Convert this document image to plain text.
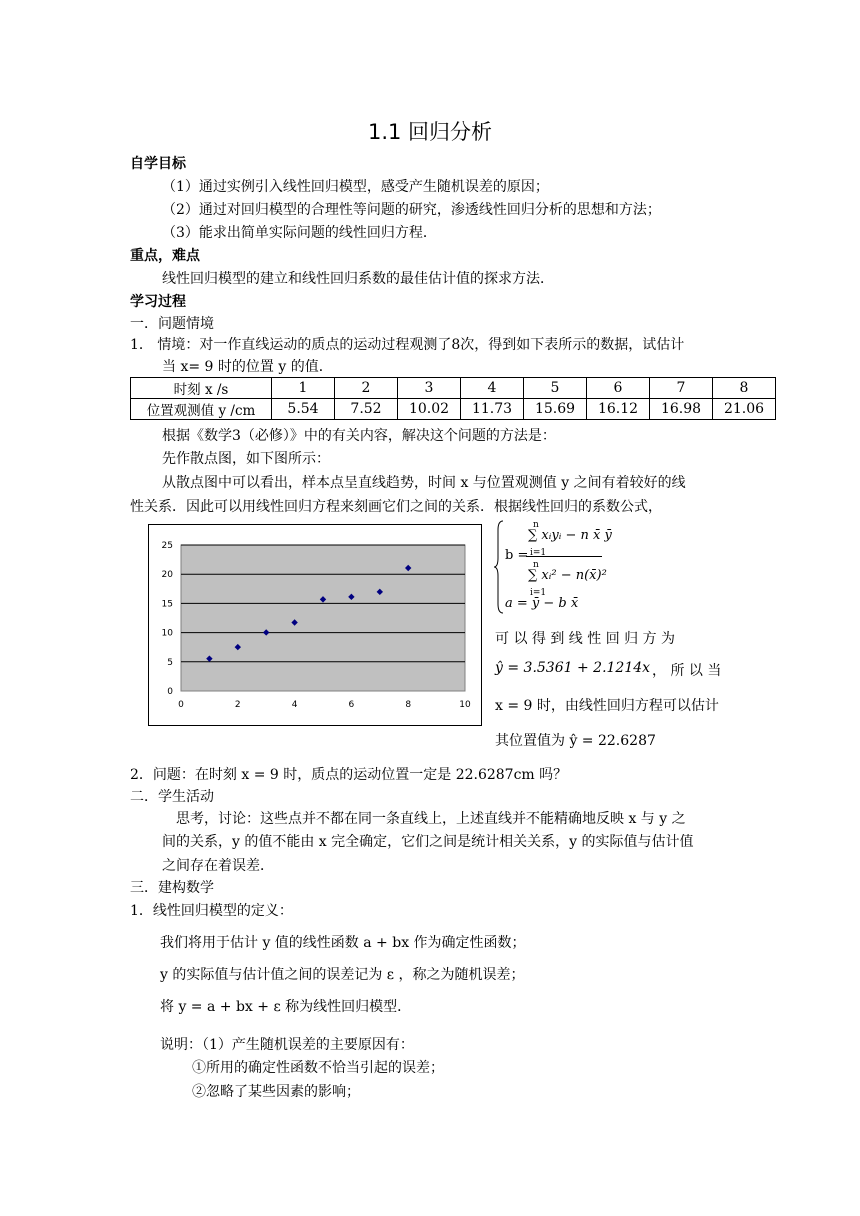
1.1 回归分析
自学目标
（1）通过实例引入线性回归模型，感受产生随机误差的原因；
（2）通过对回归模型的合理性等问题的研究，渗透线性回归分析的思想和方法；
（3）能求出简单实际问题的线性回归方程．
重点，难点
线性回归模型的建立和线性回归系数的最佳估计值的探求方法．
学习过程
一．问题情境
1． 情境：对一作直线运动的质点的运动过程观测了8次，得到如下表所示的数据，试估计
当 x= 9 时的位置 y 的值．
时刻 x /s	1	2	3	4	5	6	7	8
位置观测值 y /cm	5.54	7.52	10.02	11.73	15.69	16.12	16.98	21.06
根据《数学3（必修）》中的有关内容，解决这个问题的方法是：
先作散点图，如下图所示：
从散点图中可以看出，样本点呈直线趋势，时间 x 与位置观测值 y 之间有着较好的线
性关系．因此可以用线性回归方程来刻画它们之间的关系．根据线性回归的系数公式，
0
5
10
15
20
25
0	2	4	6	8	10
b =
n
i=1
∑ xᵢyᵢ − n x̄ ȳ
n
i=1
∑ xᵢ² − n(x̄)²
a = ȳ − b x̄
可 以 得 到 线 性 回 归 方 为
ŷ = 3.5361 + 2.1214x ， 所 以 当
x = 9 时，由线性回归方程可以估计
其位置值为 ŷ = 22.6287
2．问题：在时刻 x = 9 时，质点的运动位置一定是 22.6287cm 吗？
二．学生活动
思考，讨论：这些点并不都在同一条直线上，上述直线并不能精确地反映 x 与 y 之
间的关系，y 的值不能由 x 完全确定，它们之间是统计相关关系，y 的实际值与估计值
之间存在着误差．
三．建构数学
1．线性回归模型的定义：
我们将用于估计 y 值的线性函数 a + bx 作为确定性函数；
y 的实际值与估计值之间的误差记为 ε ，称之为随机误差；
将 y = a + bx + ε 称为线性回归模型．
说明：（1）产生随机误差的主要原因有：
①所用的确定性函数不恰当引起的误差；
②忽略了某些因素的影响；
